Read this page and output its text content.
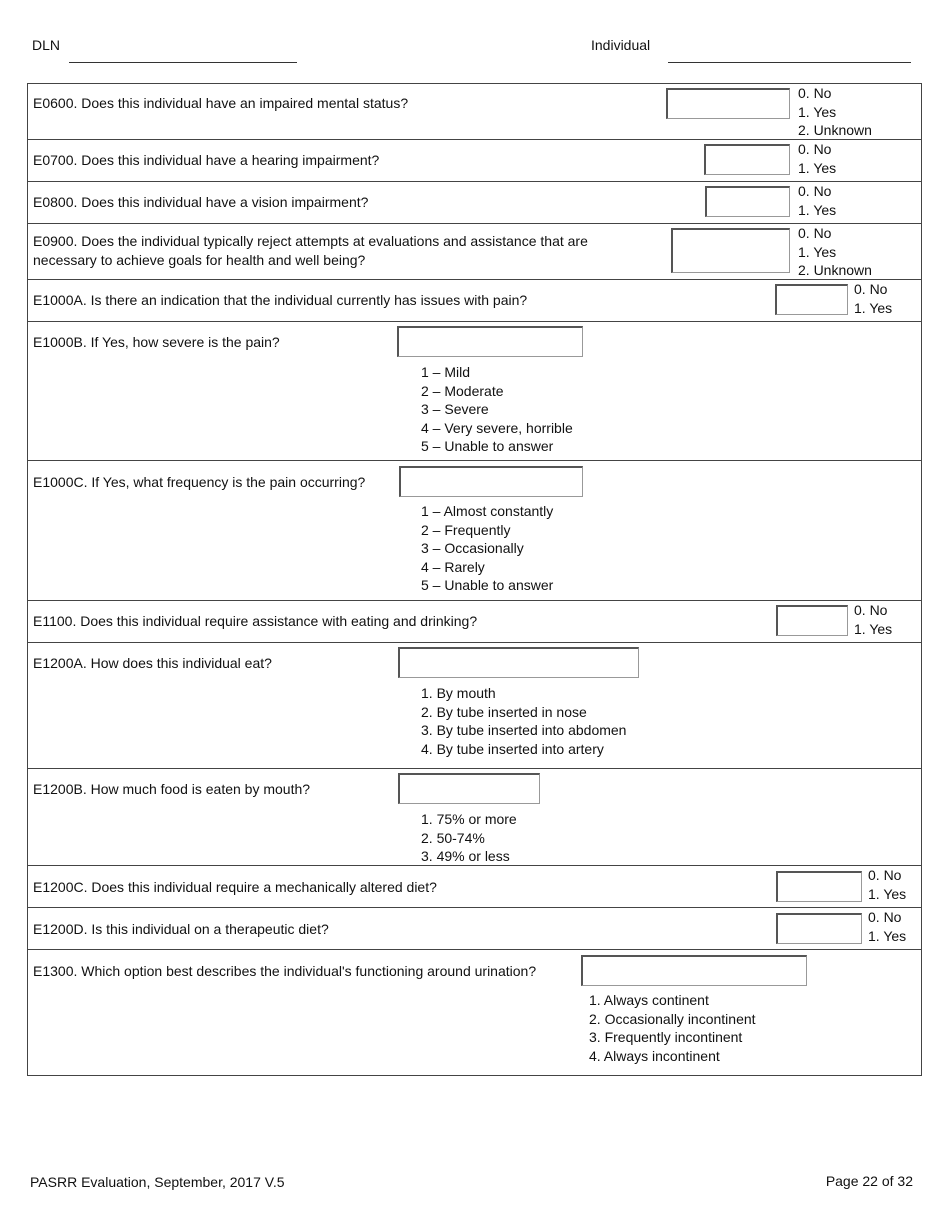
DLN	Individual
E0600. Does this individual have an impaired mental status?
0. No
1. Yes
2. Unknown
E0700. Does this individual have a hearing impairment?
0. No
1. Yes
E0800. Does this individual have a vision impairment?
0. No
1. Yes
E0900. Does the individual typically reject attempts at evaluations and assistance that are necessary to achieve goals for health and well being?
0. No
1. Yes
2. Unknown
E1000A. Is there an indication that the individual currently has issues with pain?
0. No
1. Yes
E1000B. If Yes, how severe is the pain?
1 – Mild
2 – Moderate
3 – Severe
4 – Very severe, horrible
5 – Unable to answer
E1000C. If Yes, what frequency is the pain occurring?
1 – Almost constantly
2 – Frequently
3 – Occasionally
4 – Rarely
5 – Unable to answer
E1100. Does this individual require assistance with eating and drinking?
0. No
1. Yes
E1200A. How does this individual eat?
1. By mouth
2. By tube inserted in nose
3. By tube inserted into abdomen
4. By tube inserted into artery
E1200B. How much food is eaten by mouth?
1. 75% or more
2. 50-74%
3. 49% or less
E1200C. Does this individual require a mechanically altered diet?
0. No
1. Yes
E1200D. Is this individual on a therapeutic diet?
0. No
1. Yes
E1300. Which option best describes the individual's functioning around urination?
1. Always continent
2. Occasionally incontinent
3. Frequently incontinent
4. Always incontinent
PASRR Evaluation, September, 2017 V.5	Page 22 of 32
